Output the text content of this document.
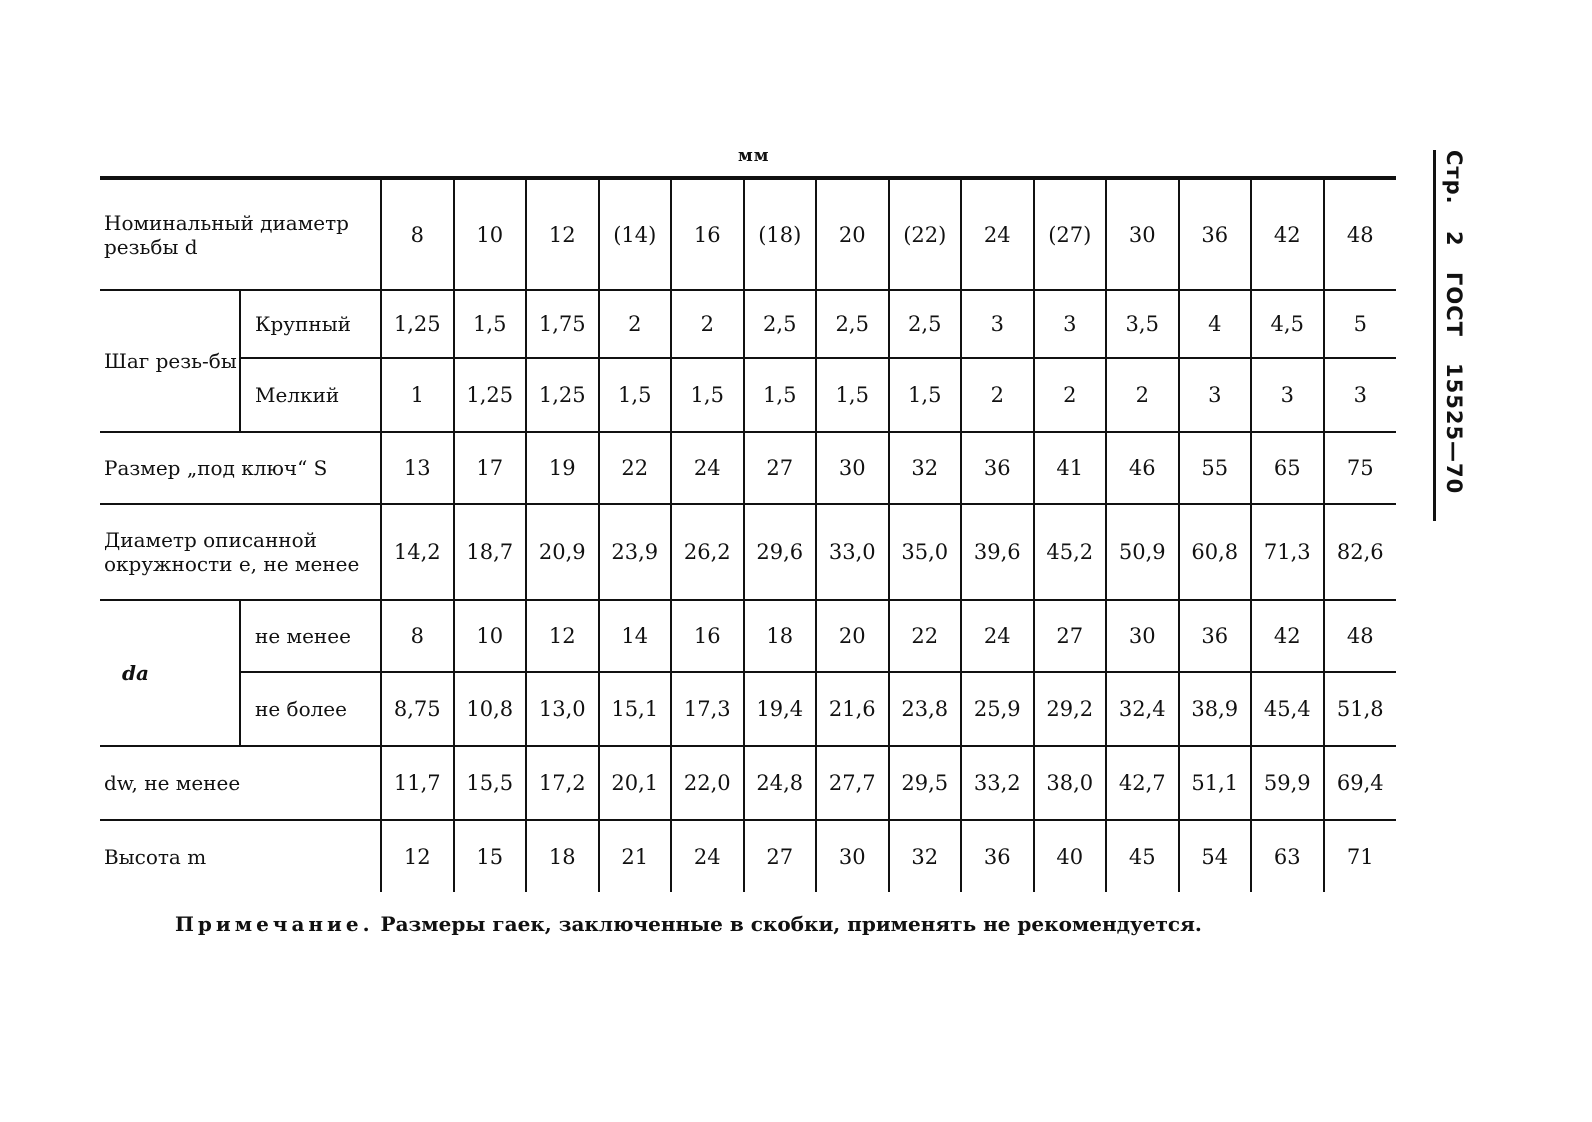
мм	Стр.2ГОСТ15525—70
Номинальный диаметр резьбы d		8	10	12	(14)	16	(18)	20	(22)	24	(27)	30	36	42	48
Шаг резь-бы	Крупный	1,25	1,5	1,75	2	2	2,5	2,5	2,5	3	3	3,5	4	4,5	5
	Мелкий	1	1,25	1,25	1,5	1,5	1,5	1,5	1,5	2	2	2	3	3	3
Размер „под ключ“ S		13	17	19	22	24	27	30	32	36	41	46	55	65	75
Диаметр описанной окружности e, не менее		14,2	18,7	20,9	23,9	26,2	29,6	33,0	35,0	39,6	45,2	50,9	60,8	71,3	82,6
da	не менее	8	10	12	14	16	18	20	22	24	27	30	36	42	48
	не более	8,75	10,8	13,0	15,1	17,3	19,4	21,6	23,8	25,9	29,2	32,4	38,9	45,4	51,8
dw, не менее		11,7	15,5	17,2	20,1	22,0	24,8	27,7	29,5	33,2	38,0	42,7	51,1	59,9	69,4
Высота m		12	15	18	21	24	27	30	32	36	40	45	54	63	71
Примечание. Размеры гаек, заключенные в скобки, применять не рекомендуется.
